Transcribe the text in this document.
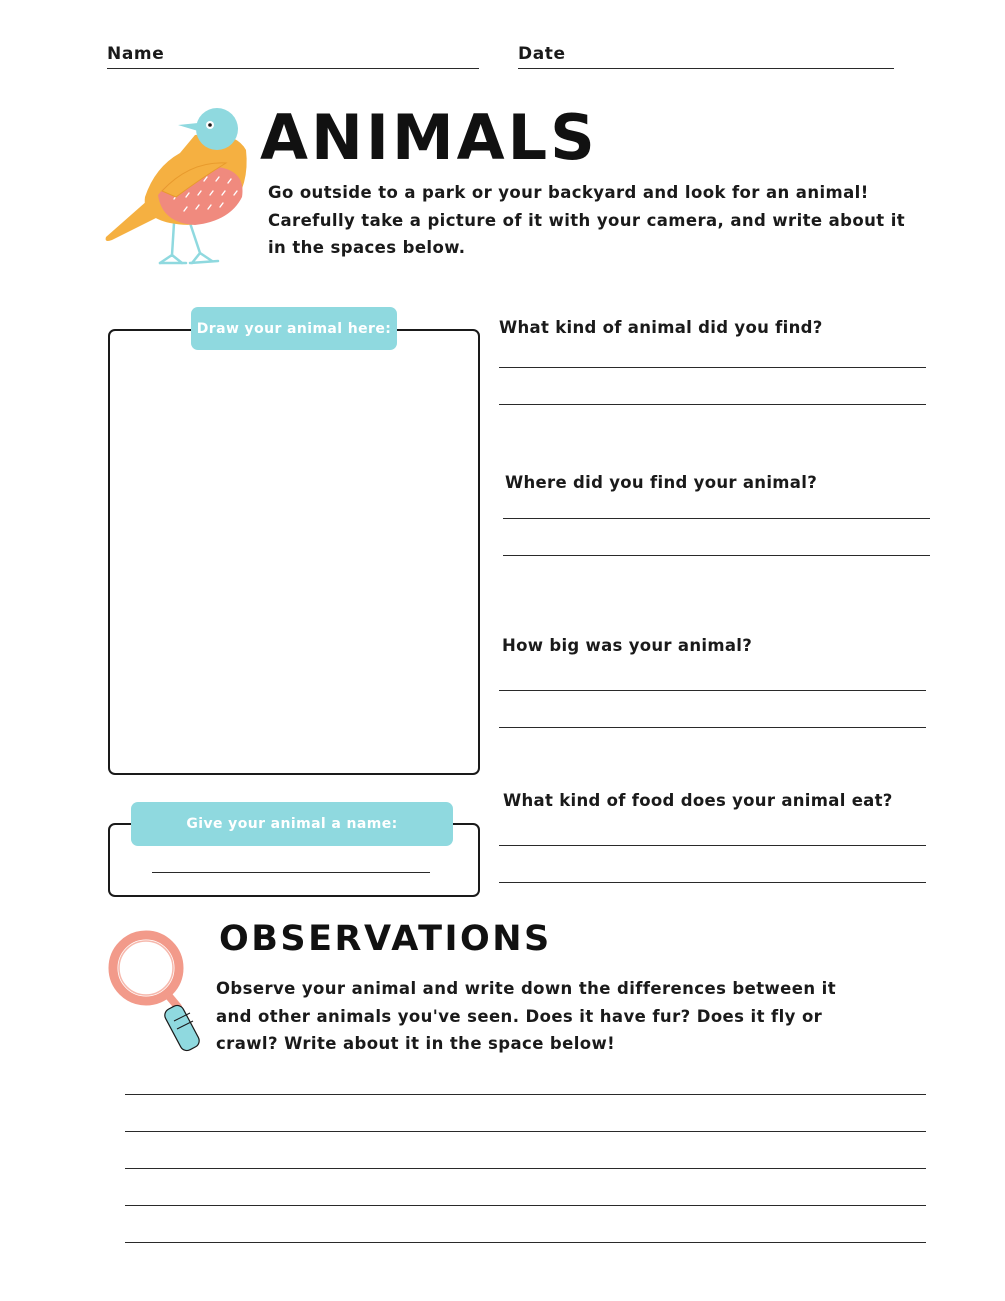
Name	Date
ANIMALS
Go outside to a park or your backyard and look for an animal! Carefully take a picture of it with your camera, and write about it in the spaces below.
Draw your animal here:
Give your animal a name:
What kind of animal did you find?
Where did you find your animal?
How big was your animal?
What kind of food does your animal eat?
OBSERVATIONS
Observe your animal and write down the differences between it and other animals you've seen. Does it have fur? Does it fly or crawl? Write about it in the space below!
